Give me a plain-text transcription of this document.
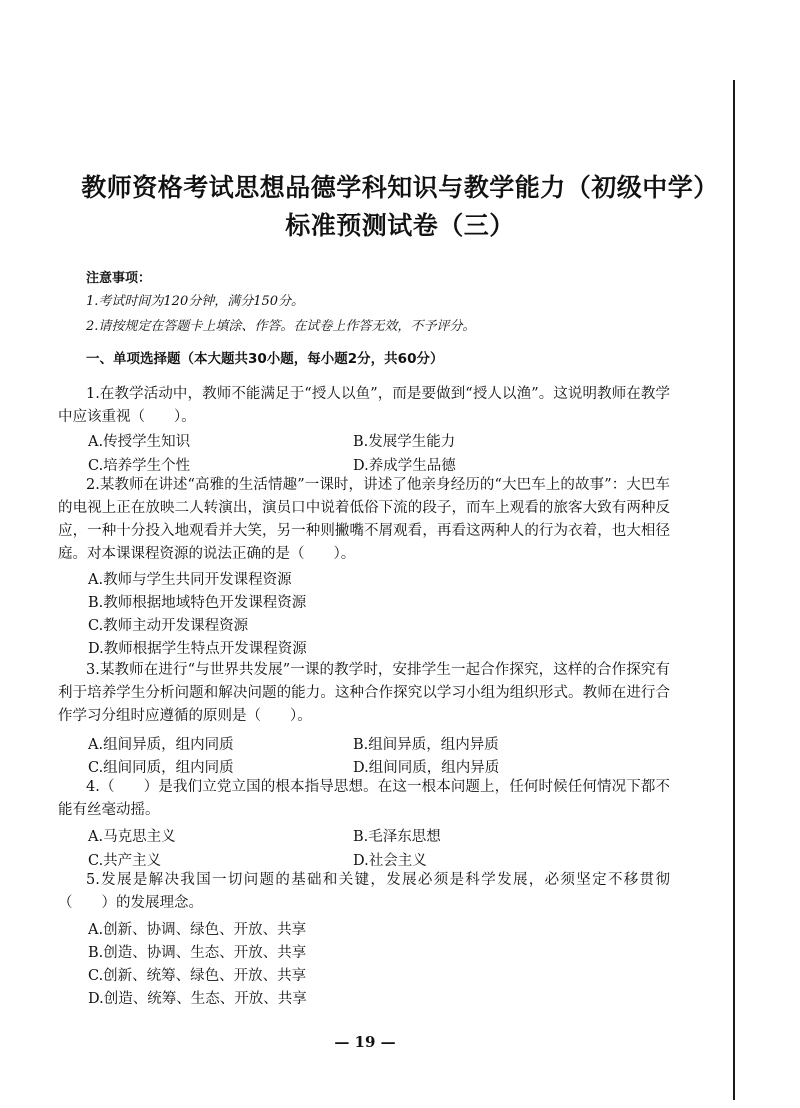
教师资格考试思想品德学科知识与教学能力（初级中学）
标准预测试卷（三）
注意事项：
1.考试时间为120分钟，满分150分。
2.请按规定在答题卡上填涂、作答。在试卷上作答无效，不予评分。
一、单项选择题（本大题共30小题，每小题2分，共60分）
1.在教学活动中，教师不能满足于“授人以鱼”，而是要做到“授人以渔”。这说明教师在教学中应该重视（　　）。
A.传授学生知识	B.发展学生能力
C.培养学生个性	D.养成学生品德
2.某教师在讲述“高雅的生活情趣”一课时，讲述了他亲身经历的“大巴车上的故事”：大巴车的电视上正在放映二人转演出，演员口中说着低俗下流的段子，而车上观看的旅客大致有两种反应，一种十分投入地观看并大笑，另一种则撇嘴不屑观看，再看这两种人的行为衣着，也大相径庭。对本课课程资源的说法正确的是（　　）。
A.教师与学生共同开发课程资源
B.教师根据地域特色开发课程资源
C.教师主动开发课程资源
D.教师根据学生特点开发课程资源
3.某教师在进行“与世界共发展”一课的教学时，安排学生一起合作探究，这样的合作探究有利于培养学生分析问题和解决问题的能力。这种合作探究以学习小组为组织形式。教师在进行合作学习分组时应遵循的原则是（　　）。
A.组间异质，组内同质	B.组间异质，组内异质
C.组间同质，组内同质	D.组间同质，组内异质
4.（　　）是我们立党立国的根本指导思想。在这一根本问题上，任何时候任何情况下都不能有丝毫动摇。
A.马克思主义	B.毛泽东思想
C.共产主义	D.社会主义
5.发展是解决我国一切问题的基础和关键，发展必须是科学发展，必须坚定不移贯彻（　　）的发展理念。
A.创新、协调、绿色、开放、共享
B.创造、协调、生态、开放、共享
C.创新、统筹、绿色、开放、共享
D.创造、统筹、生态、开放、共享
— 19 —
